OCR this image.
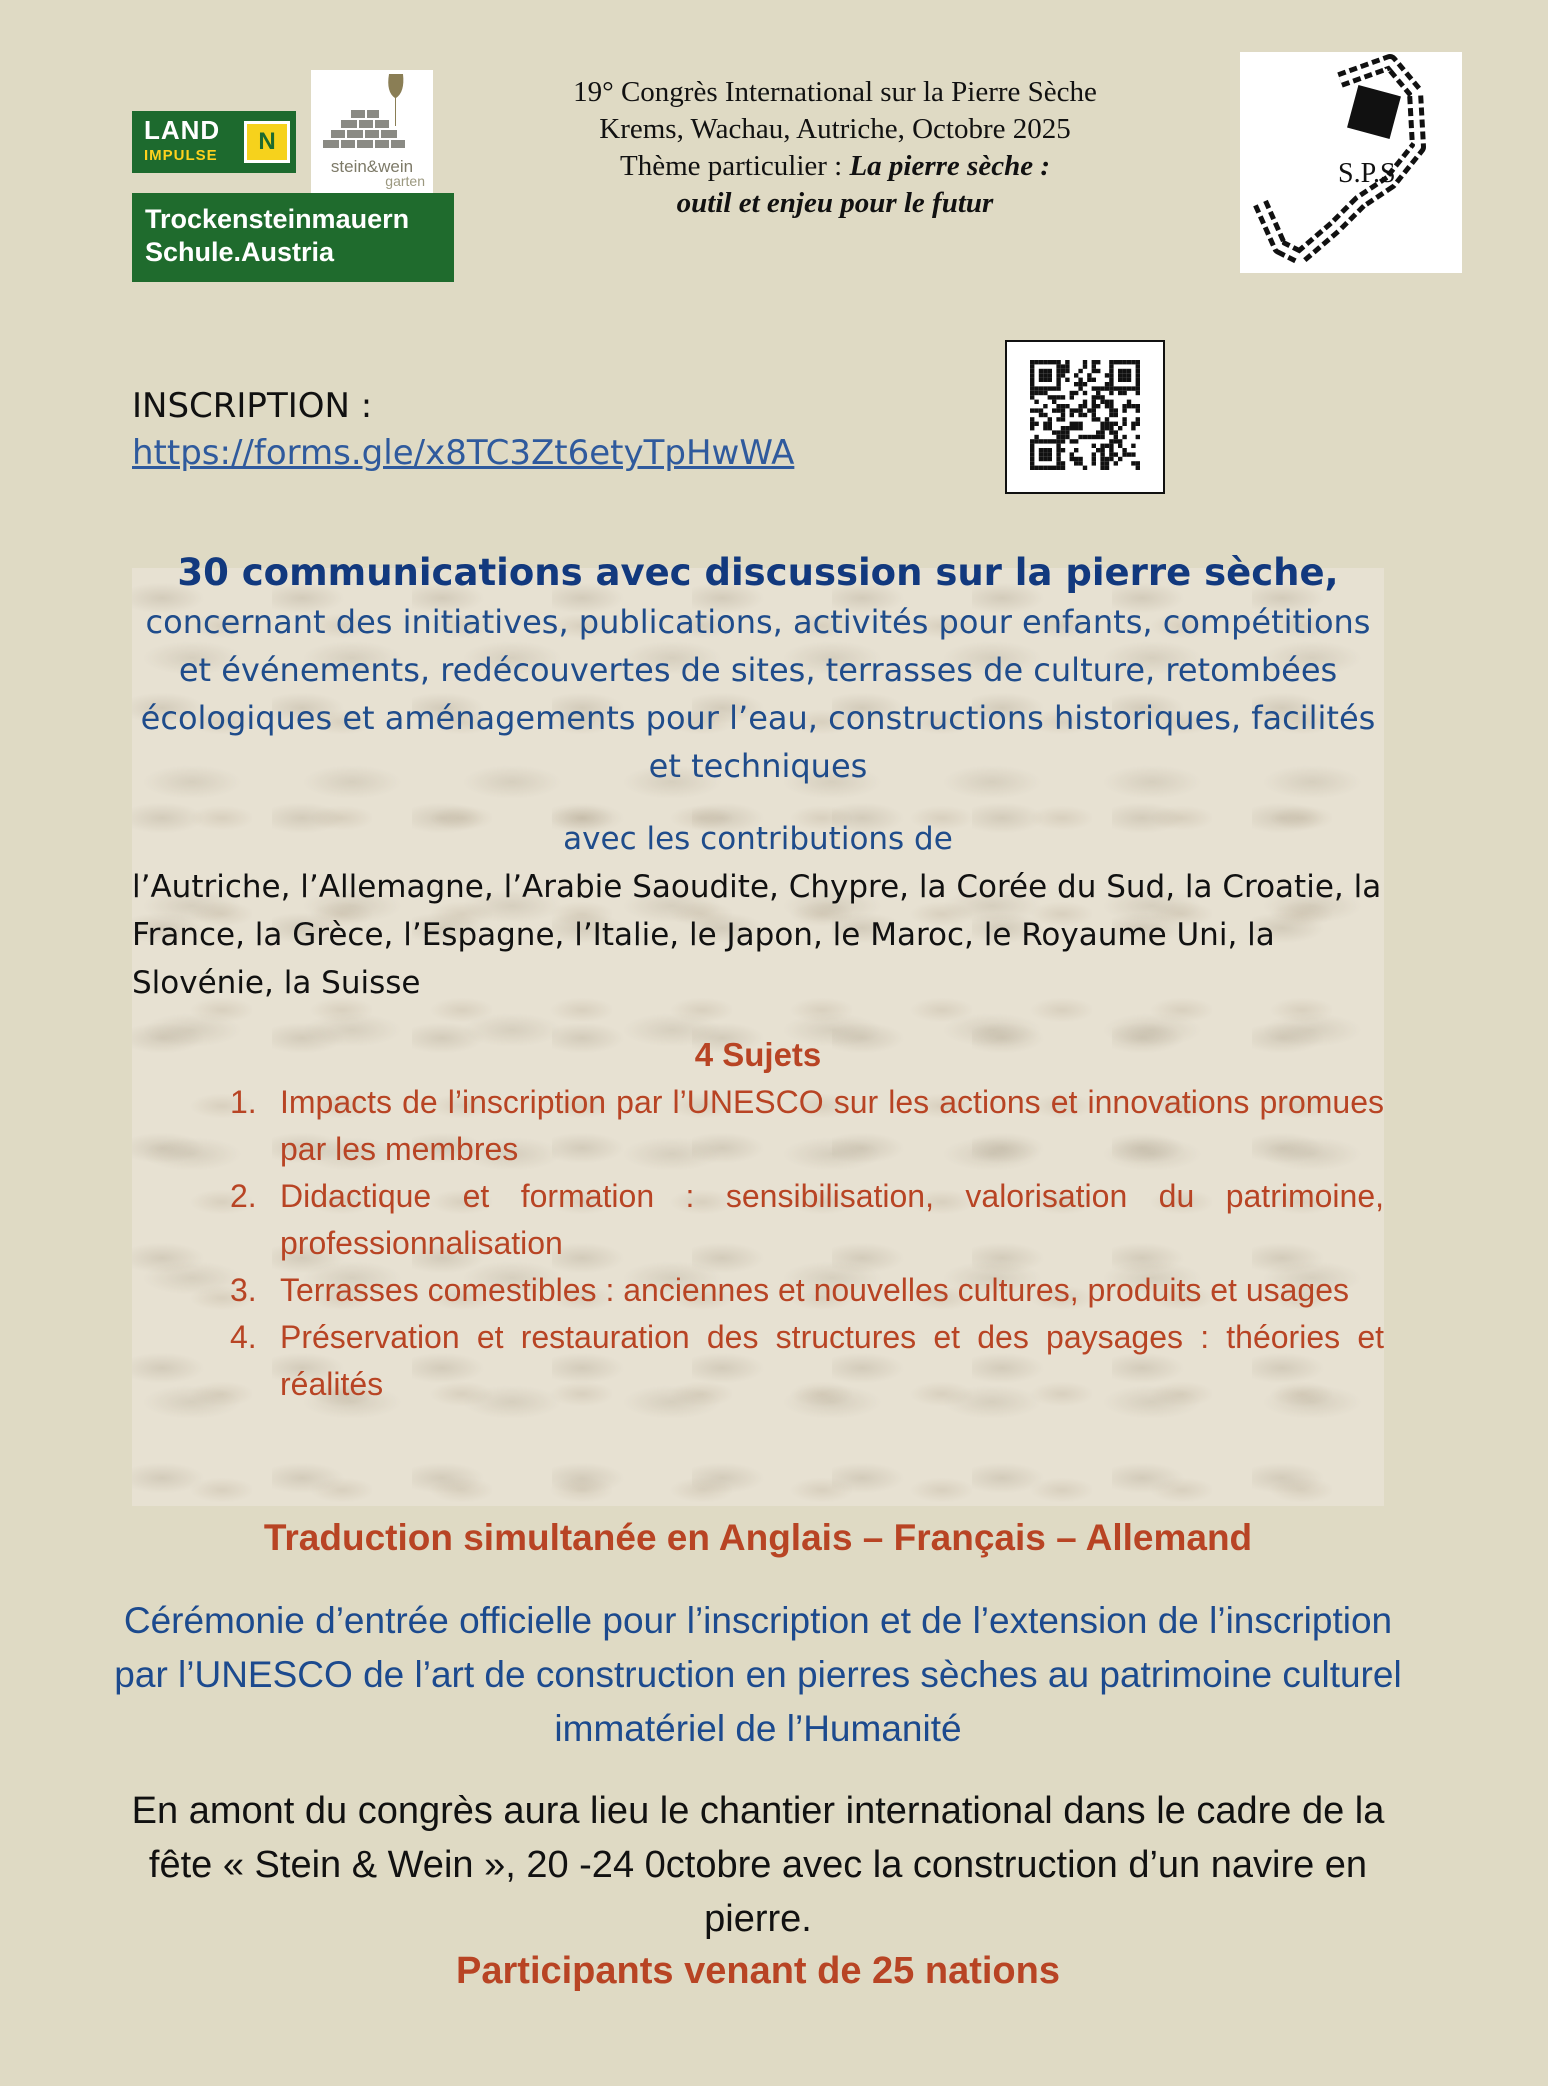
LAND
IMPULSE
N
stein&wein
garten
Trockensteinmauern
Schule.Austria
19° Congrès International sur la Pierre Sèche
Krems, Wachau, Autriche, Octobre 2025
Thème particulier : La pierre sèche :
outil et enjeu pour le futur
S.P.S.
INSCRIPTION :
https://forms.gle/x8TC3Zt6etyTpHwWA
30 communications avec discussion sur la pierre sèche,
concernant des initiatives, publications, activités pour enfants, compétitions et événements, redécouvertes de sites, terrasses de culture, retombées écologiques et aménagements pour l’eau, constructions historiques, facilités et techniques
avec les contributions de
l’Autriche, l’Allemagne, l’Arabie Saoudite, Chypre, la Corée du Sud, la Croatie, la France, la Grèce, l’Espagne, l’Italie, le Japon, le Maroc, le Royaume Uni, la Slovénie, la Suisse
4 Sujets
1. Impacts de l’inscription par l’UNESCO sur les actions et innovations promues par les membres
2. Didactique et formation : sensibilisation, valorisation du patrimoine, professionnalisation
3. Terrasses comestibles : anciennes et nouvelles cultures, produits et usages
4. Préservation et restauration des structures et des paysages : théories et réalités
Traduction simultanée en Anglais – Français – Allemand
Cérémonie d’entrée officielle pour l’inscription et de l’extension de l’inscription par l’UNESCO de l’art de construction en pierres sèches au patrimoine culturel immatériel de l’Humanité
En amont du congrès aura lieu le chantier international dans le cadre de la fête « Stein & Wein », 20 -24 0ctobre avec la construction d’un navire en pierre.
Participants venant de 25 nations
